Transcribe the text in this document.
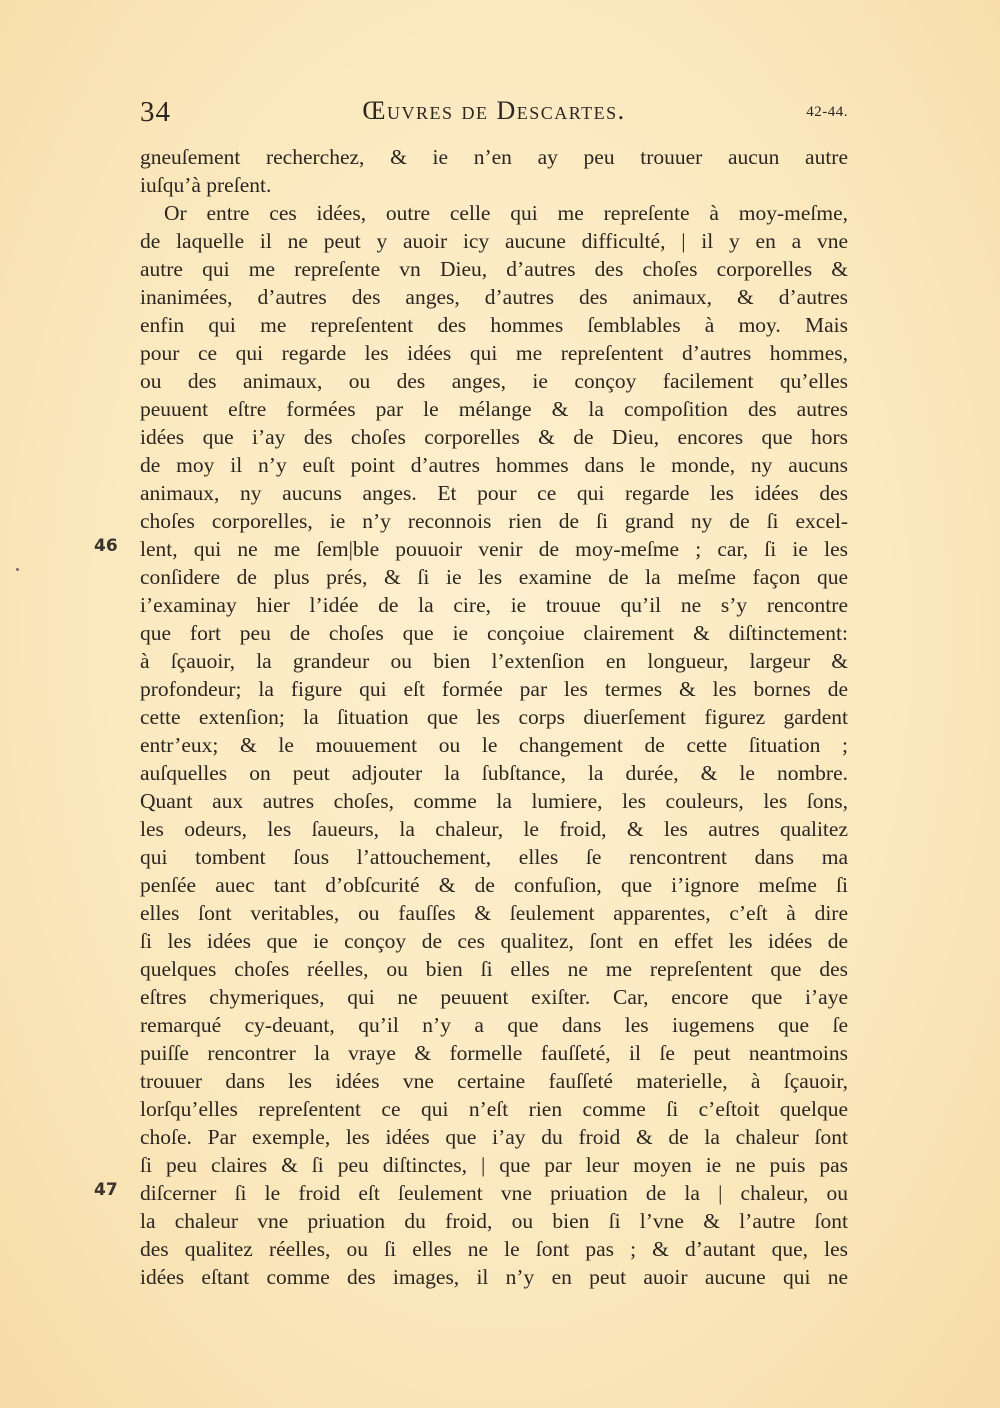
34	Œuvres de Descartes.	42-44.
46
47
gneuſement recherchez, & ie n’en ay peu trouuer aucun autre
iuſqu’à preſent.
Or entre ces idées, outre celle qui me repreſente à moy-meſme,
de laquelle il ne peut y auoir icy aucune difficulté, | il y en a vne
autre qui me repreſente vn Dieu, d’autres des choſes corporelles &
inanimées, d’autres des anges, d’autres des animaux, & d’autres
enfin qui me repreſentent des hommes ſemblables à moy. Mais
pour ce qui regarde les idées qui me repreſentent d’autres hommes,
ou des animaux, ou des anges, ie conçoy facilement qu’elles
peuuent eſtre formées par le mélange & la compoſition des autres
idées que i’ay des choſes corporelles & de Dieu, encores que hors
de moy il n’y euſt point d’autres hommes dans le monde, ny aucuns
animaux, ny aucuns anges. Et pour ce qui regarde les idées des
choſes corporelles, ie n’y reconnois rien de ſi grand ny de ſi excel-
lent, qui ne me ſem|ble pouuoir venir de moy-meſme ; car, ſi ie les
conſidere de plus prés, & ſi ie les examine de la meſme façon que
i’examinay hier l’idée de la cire, ie trouue qu’il ne s’y rencontre
que fort peu de choſes que ie conçoiue clairement & diſtinctement:
à ſçauoir, la grandeur ou bien l’extenſion en longueur, largeur &
profondeur; la figure qui eſt formée par les termes & les bornes de
cette extenſion; la ſituation que les corps diuerſement figurez gardent
entr’eux; & le mouuement ou le changement de cette ſituation ;
auſquelles on peut adjouter la ſubſtance, la durée, & le nombre.
Quant aux autres choſes, comme la lumiere, les couleurs, les ſons,
les odeurs, les ſaueurs, la chaleur, le froid, & les autres qualitez
qui tombent ſous l’attouchement, elles ſe rencontrent dans ma
penſée auec tant d’obſcurité & de confuſion, que i’ignore meſme ſi
elles ſont veritables, ou fauſſes & ſeulement apparentes, c’eſt à dire
ſi les idées que ie conçoy de ces qualitez, ſont en effet les idées de
quelques choſes réelles, ou bien ſi elles ne me repreſentent que des
eſtres chymeriques, qui ne peuuent exiſter. Car, encore que i’aye
remarqué cy-deuant, qu’il n’y a que dans les iugemens que ſe
puiſſe rencontrer la vraye & formelle fauſſeté, il ſe peut neantmoins
trouuer dans les idées vne certaine fauſſeté materielle, à ſçauoir,
lorſqu’elles repreſentent ce qui n’eſt rien comme ſi c’eſtoit quelque
choſe. Par exemple, les idées que i’ay du froid & de la chaleur ſont
ſi peu claires & ſi peu diſtinctes, | que par leur moyen ie ne puis pas
diſcerner ſi le froid eſt ſeulement vne priuation de la | chaleur, ou
la chaleur vne priuation du froid, ou bien ſi l’vne & l’autre ſont
des qualitez réelles, ou ſi elles ne le ſont pas ; & d’autant que, les
idées eſtant comme des images, il n’y en peut auoir aucune qui ne
